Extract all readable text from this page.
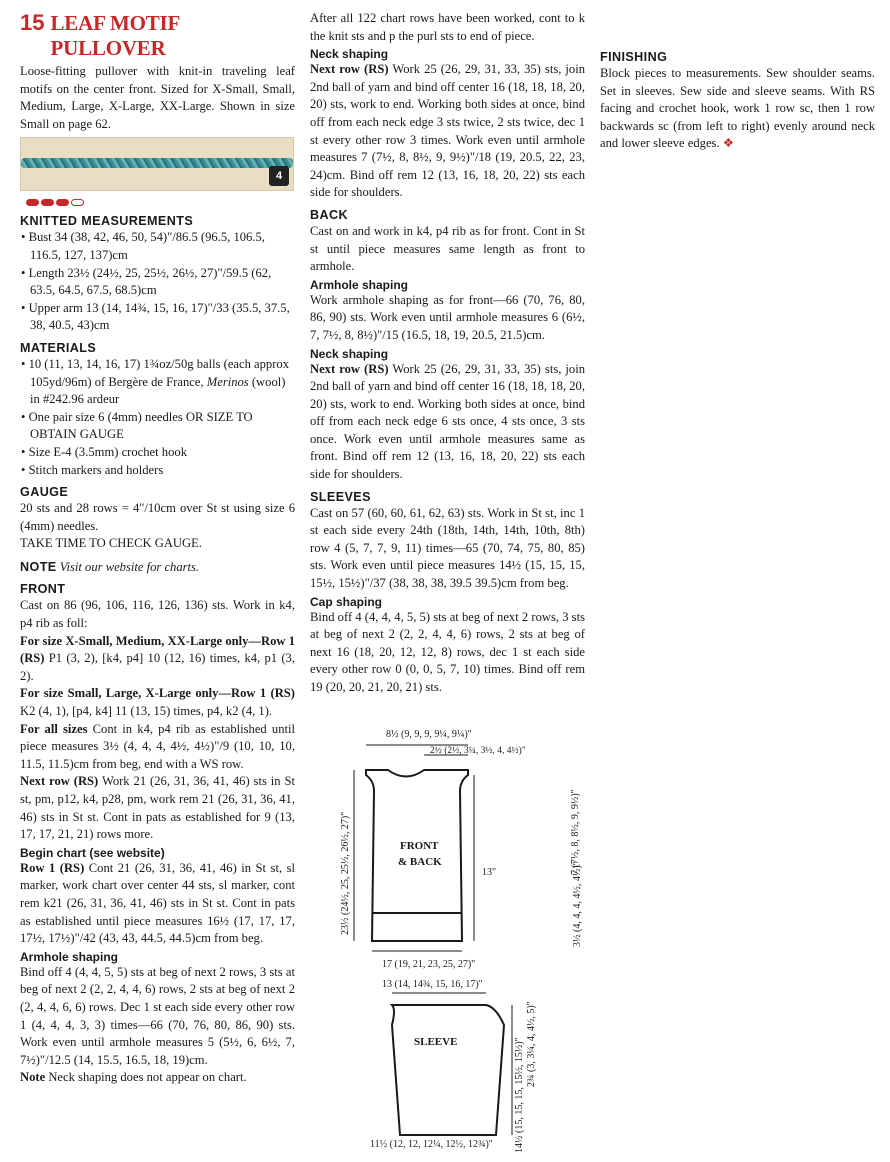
15 LEAF MOTIF PULLOVER

Loose-fitting pullover with knit-in traveling leaf motifs on the center front. Sized for X-Small, Small, Medium, Large, X-Large, XX-Large. Shown in size Small on page 62.

4
KNITTED MEASUREMENTS
• Bust 34 (38, 42, 46, 50, 54)"/86.5 (96.5, 106.5, 116.5, 127, 137)cm
• Length 23½ (24½, 25, 25½, 26½, 27)"/59.5 (62, 63.5, 64.5, 67.5, 68.5)cm
• Upper arm 13 (14, 14¾, 15, 16, 17)"/33 (35.5, 37.5, 38, 40.5, 43)cm
MATERIALS
• 10 (11, 13, 14, 16, 17) 1¾oz/50g balls (each approx 105yd/96m) of Bergère de France, Merinos (wool) in #242.96 ardeur
• One pair size 6 (4mm) needles OR SIZE TO OBTAIN GAUGE
• Size E-4 (3.5mm) crochet hook
• Stitch markers and holders
GAUGE

20 sts and 28 rows = 4"/10cm over St st using size 6 (4mm) needles.

TAKE TIME TO CHECK GAUGE.

NOTE Visit our website for charts.
FRONT

Cast on 86 (96, 106, 116, 126, 136) sts. Work in k4, p4 rib as foll:

For size X-Small, Medium, XX-Large only—Row 1 (RS) P1 (3, 2), [k4, p4] 10 (12, 16) times, k4, p1 (3, 2).

For size Small, Large, X-Large only—Row 1 (RS) K2 (4, 1), [p4, k4] 11 (13, 15) times, p4, k2 (4, 1).

For all sizes Cont in k4, p4 rib as established until piece measures 3½ (4, 4, 4, 4½, 4½)"/9 (10, 10, 10, 11.5, 11.5)cm from beg, end with a WS row.

Next row (RS) Work 21 (26, 31, 36, 41, 46) sts in St st, pm, p12, k4, p28, pm, work rem 21 (26, 31, 36, 41, 46) sts in St st. Cont in pats as established for 9 (13, 17, 17, 21, 21) rows more.

Begin chart (see website)

Row 1 (RS) Cont 21 (26, 31, 36, 41, 46) in St st, sl marker, work chart over center 44 sts, sl marker, cont rem k21 (26, 31, 36, 41, 46) sts in St st. Cont in pats as established until piece measures 16½ (17, 17, 17, 17½, 17½)"/42 (43, 43, 44.5, 44.5)cm from beg.

Armhole shaping

Bind off 4 (4, 4, 5, 5) sts at beg of next 2 rows, 3 sts at beg of next 2 (2, 2, 4, 4, 6) rows, 2 sts at beg of next 2 (2, 4, 4, 6, 6) rows. Dec 1 st each side every other row 1 (4, 4, 4, 3, 3) times—66 (70, 76, 80, 86, 90) sts. Work even until armhole measures 5 (5½, 6, 6½, 7, 7½)"/12.5 (14, 15.5, 16.5, 18, 19)cm.

Note Neck shaping does not appear on chart.

After all 122 chart rows have been worked, cont to k the knit sts and p the purl sts to end of piece.

Neck shaping

Next row (RS) Work 25 (26, 29, 31, 33, 35) sts, join 2nd ball of yarn and bind off center 16 (18, 18, 18, 20, 20) sts, work to end. Working both sides at once, bind off from each neck edge 3 sts twice, 2 sts twice, dec 1 st every other row 3 times. Work even until armhole measures 7 (7½, 8, 8½, 9, 9½)"/18 (19, 20.5, 22, 23, 24)cm. Bind off rem 12 (13, 16, 18, 20, 22) sts each side for shoulders.

BACK

Cast on and work in k4, p4 rib as for front. Cont in St st until piece measures same length as front to armhole.

Armhole shaping

Work armhole shaping as for front—66 (70, 76, 80, 86, 90) sts. Work even until armhole measures 6 (6½, 7, 7½, 8, 8½)"/15 (16.5, 18, 19, 20.5, 21.5)cm.

Neck shaping

Next row (RS) Work 25 (26, 29, 31, 33, 35) sts, join 2nd ball of yarn and bind off center 16 (18, 18, 18, 20, 20) sts, work to end. Working both sides at once, bind off from each neck edge 6 sts once, 4 sts once, 3 sts once. Work even until armhole measures same as front. Bind off rem 12 (13, 16, 18, 20, 22) sts each side for shoulders.

SLEEVES

Cast on 57 (60, 60, 61, 62, 63) sts. Work in St st, inc 1 st each side every 24th (18th, 14th, 14th, 10th, 8th) row 4 (5, 7, 7, 9, 11) times—65 (70, 74, 75, 80, 85) sts. Work even until piece measures 14½ (15, 15, 15, 15½, 15½)"/37 (38, 38, 38, 39.5 39.5)cm from beg.

Cap shaping

Bind off 4 (4, 4, 4, 5, 5) sts at beg of next 2 rows, 3 sts at beg of next 2 (2, 2, 4, 4, 6) rows, 2 sts at beg of next 16 (18, 20, 12, 12, 8) rows, dec 1 st each side every other row 0 (0, 0, 5, 7, 10) times. Bind off rem 19 (20, 20, 21, 20, 21) sts.

FINISHING

Block pieces to measurements. Sew shoulder seams. Set in sleeves. Sew side and sleeve seams. With RS facing and crochet hook, work 1 row sc, then 1 row backwards sc (from left to right) evenly around neck and lower sleeve edges. ❖

FRONT
& BACK
SLEEVE
8½ (9, 9, 9, 9¼, 9¼)"
2½ (2½, 3¼, 3½, 4, 4½)"
17 (19, 21, 23, 25, 27)"
13"
13 (14, 14¾, 15, 16, 17)"
11½ (12, 12, 12¼, 12½, 12¾)"
23½ (24½, 25, 25½, 26½, 27)"	7 (7½, 8, 8½, 9, 9½)"
3½ (4, 4, 4, 4½, 4½)"
2¾ (3, 3¼, 4, 4½, 5)"
14½ (15, 15, 15, 15½, 15½)"
